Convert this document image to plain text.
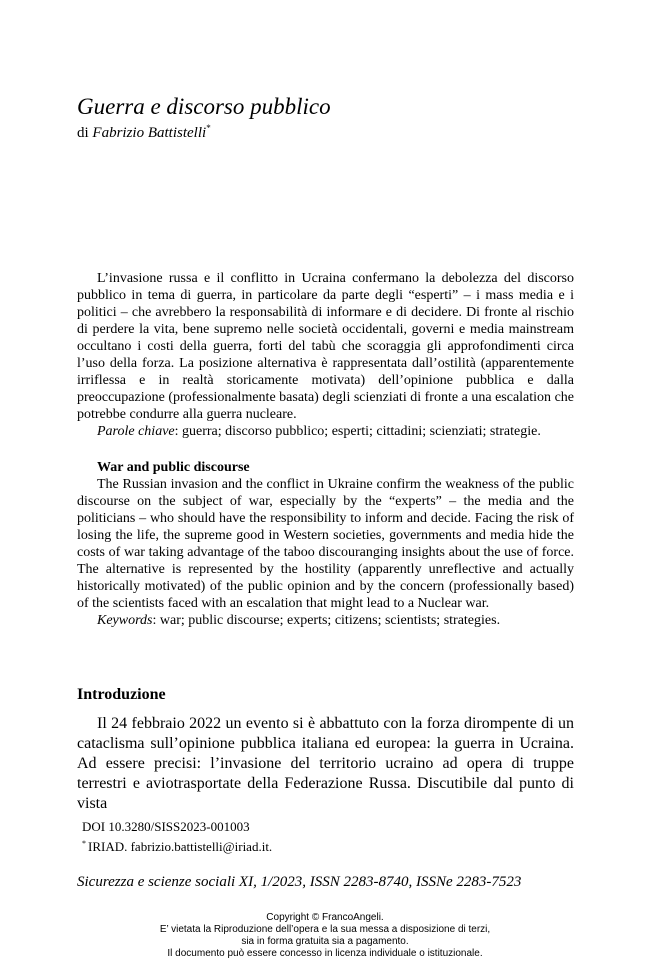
Guerra e discorso pubblico
di Fabrizio Battistelli*

L’invasione russa e il conflitto in Ucraina confermano la debolezza del discorso pubblico in tema di guerra, in particolare da parte degli “esperti” – i mass media e i politici – che avrebbero la responsabilità di informare e di decidere. Di fronte al rischio di perdere la vita, bene supremo nelle società occidentali, governi e media mainstream occultano i costi della guerra, forti del tabù che scoraggia gli approfondimenti circa l’uso della forza. La posizione alternativa è rappresentata dall’ostilità (apparentemente irriflessa e in realtà storicamente motivata) dell’opinione pubblica e dalla preoccupazione (professionalmente basata) degli scienziati di fronte a una escalation che potrebbe condurre alla guerra nucleare.

Parole chiave: guerra; discorso pubblico; esperti; cittadini; scienziati; strategie.

War and public discourse

The Russian invasion and the conflict in Ukraine confirm the weakness of the public discourse on the subject of war, especially by the “experts” – the media and the politicians – who should have the responsibility to inform and decide. Facing the risk of losing the life, the supreme good in Western societies, governments and media hide the costs of war taking advantage of the taboo discouranging insights about the use of force. The alternative is represented by the hostility (apparently unreflective and actually historically motivated) of the public opinion and by the concern (professionally based) of the scientists faced with an escalation that might lead to a Nuclear war.

Keywords: war; public discourse; experts; citizens; scientists; strategies.

Introduzione

Il 24 febbraio 2022 un evento si è abbattuto con la forza dirompente di un cataclisma sull’opinione pubblica italiana ed europea: la guerra in Ucraina. Ad essere precisi: l’invasione del territorio ucraino ad opera di truppe terrestri e aviotrasportate della Federazione Russa. Discutibile dal punto di vista

DOI 10.3280/SISS2023-001003
* IRIAD. fabrizio.battistelli@iriad.it.
Sicurezza e scienze sociali XI, 1/2023, ISSN 2283-8740, ISSNe 2283-7523
Copyright © FrancoAngeli.
E’ vietata la Riproduzione dell’opera e la sua messa a disposizione di terzi,
sia in forma gratuita sia a pagamento.
Il documento può essere concesso in licenza individuale o istituzionale.
